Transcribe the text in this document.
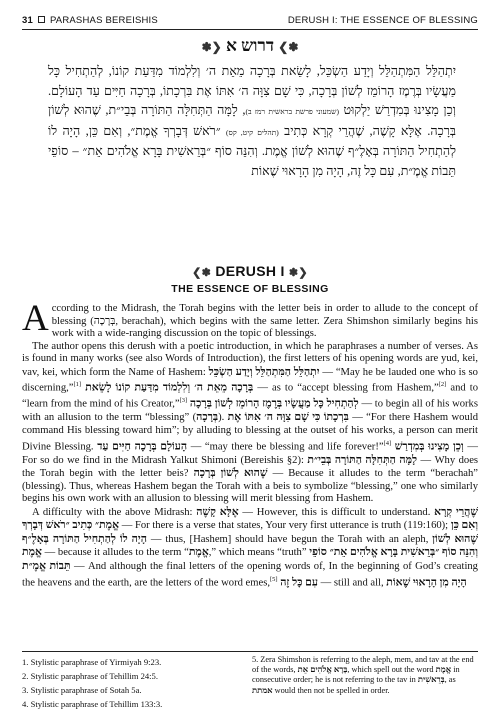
31 PARASHAS BEREISHIS	DERUSH I: THE ESSENCE OF BLESSING
✽❯ דרוש א ❮✽
יִתְהַלֵּל הַמִּתְהַלֵּל וְיָדַע הַשְׂכֵּל, לָשֵׂאת בְּרָכָה מֵאֵת ה׳ וְלִלְמוֹד מִדַּעַת קוֹנוֹ, לְהַתְחִיל כָּל מַעֲשָׂיו בְּרֶמֶז הָרוֹמֵז לְשׁוֹן בְּרָכָה, כִּי שָׁם צִוָּה ה׳ אִתּוֹ אֶת בִּרְכָתוֹ, בְּרָכָה חַיִּים עַד הָעוֹלָם. וְכֵן מָצִינוּ בְּמִדְרַשׁ יַלְקוּט (שמעוני פרשת בראשית רמז ב), לָמָּה הַתְּחִלָּה הַתּוֹרָה בְּבֵי״ת, שֶׁהוּא לְשׁוֹן בְּרָכָה. אֶלָּא קָשֶׁה, שֶׁהֲרֵי קְרָא כְּתִיב (תהלים קיט, קס) ״רֹאשׁ דְּבָרְךָ אֱמֶת״, וְאִם כֵּן, הָיָה לוֹ לְהַתְחִיל הַתּוֹרָה בְּאָלֶ״ף שֶׁהוּא לְשׁוֹן אֱמֶת. וְהִנֵּה סוֹף ״בְּרֵאשִׁית בָּרָא אֱלֹהִים אֵת״ – סוֹפֵי תֵּבוֹת אֱמֶ״ת, עִם כָּל זֶה, הָיָה מִן הָרָאוּי שֶׁאוֹת
❮✽ DERUSH I ✽❯
THE ESSENCE OF BLESSING

According to the Midrash, the Torah begins with the letter beis in order to allude to the concept of blessing (בְּרָכָה, berachah), which begins with the same letter. Zera Shimshon similarly begins his work with a wide-ranging discussion on the topic of blessings.

The author opens this derush with a poetic introduction, in which he paraphrases a number of verses. As is found in many works (see also Words of Introduction), the first letters of his opening words are yud, kei, vav, kei, which form the Name of Hashem: יִתְהַלֵּל הַמִּתְהַלֵּל וְיָדַע הַשְׂכֵּל — “May he be lauded one who is so discerning,”[1] לָשֵׂאת בְּרָכָה מֵאֵת ה׳ וְלִלְמוֹד מִדַּעַת קוֹנוֹ — as to “accept blessing from Hashem,”[2] and to “learn from the mind of his Creator,”[3] לְהַתְחִיל כָּל מַעֲשָׂיו בְּרֶמֶז הָרוֹמֵז לְשׁוֹן בְּרָכָה — to begin all of his works with an allusion to the term “blessing” (בְּרָכָה). כִּי שָׁם צִוָּה ה׳ אִתּוֹ אֶת בִּרְכָתוֹ — “For there Hashem would command His blessing toward him”; by alluding to blessing at the outset of his works, a person can merit Divine Blessing. בְּרָכָה חַיִּים עַד הָעוֹלָם — “may there be blessing and life forever!”[4] וְכֵן מָצִינוּ בְּמִדְרַשׁ — For so do we find in the Midrash Yalkut Shimoni (Bereishis §2): לָמָּה הַתְּחִלָּה הַתּוֹרָה בְּבֵי״ת — Why does the Torah begin with the letter beis? שֶׁהוּא לְשׁוֹן בְּרָכָה — Because it alludes to the term “berachah” (blessing). Thus, whereas Hashem began the Torah with a beis to symbolize “blessing,” one who similarly begins his own work with an allusion to blessing will merit blessing from Hashem.

A difficulty with the above Midrash: אֶלָּא קָשֶׁה — However, this is difficult to understand. שֶׁהֲרֵי קְרָא כְּתִיב ״רֹאשׁ דְּבָרְךָ אֱמֶת״ — For there is a verse that states, Your very first utterance is truth (119:160); וְאִם כֵּן הָיָה לוֹ לְהַתְחִיל הַתּוֹרָה בְּאָלֶ״ף — thus, [Hashem] should have begun the Torah with an aleph, שֶׁהוּא לְשׁוֹן אֱמֶת — because it alludes to the term “אֱמֶת,” which means “truth” וְהִנֵּה סוֹף ״בְּרֵאשִׁית בָּרָא אֱלֹהִים אֵת״ סוֹפֵי תֵּבוֹת אֱמֶ״ת — And although the final letters of the opening words of, In the beginning of God’s creating the heavens and the earth, are the letters of the word emes,[5] עִם כָּל זֶה — still and all, הָיָה מִן הָרָאוּי שֶׁאוֹת

1. Stylistic paraphrase of Yirmiyah 9:23.
2. Stylistic paraphrase of Tehillim 24:5.
3. Stylistic paraphrase of Sotah 5a.
4. Stylistic paraphrase of Tehillim 133:3.
5. Zera Shimshon is referring to the aleph, mem, and tav at the end of the words, בָּרָא אֱלֹהִים אֵת, which spell out the word אֱמֶת in consecutive order; he is not referring to the tav in בְּרֵאשִׁית, as אמתת would then not be spelled in order.
